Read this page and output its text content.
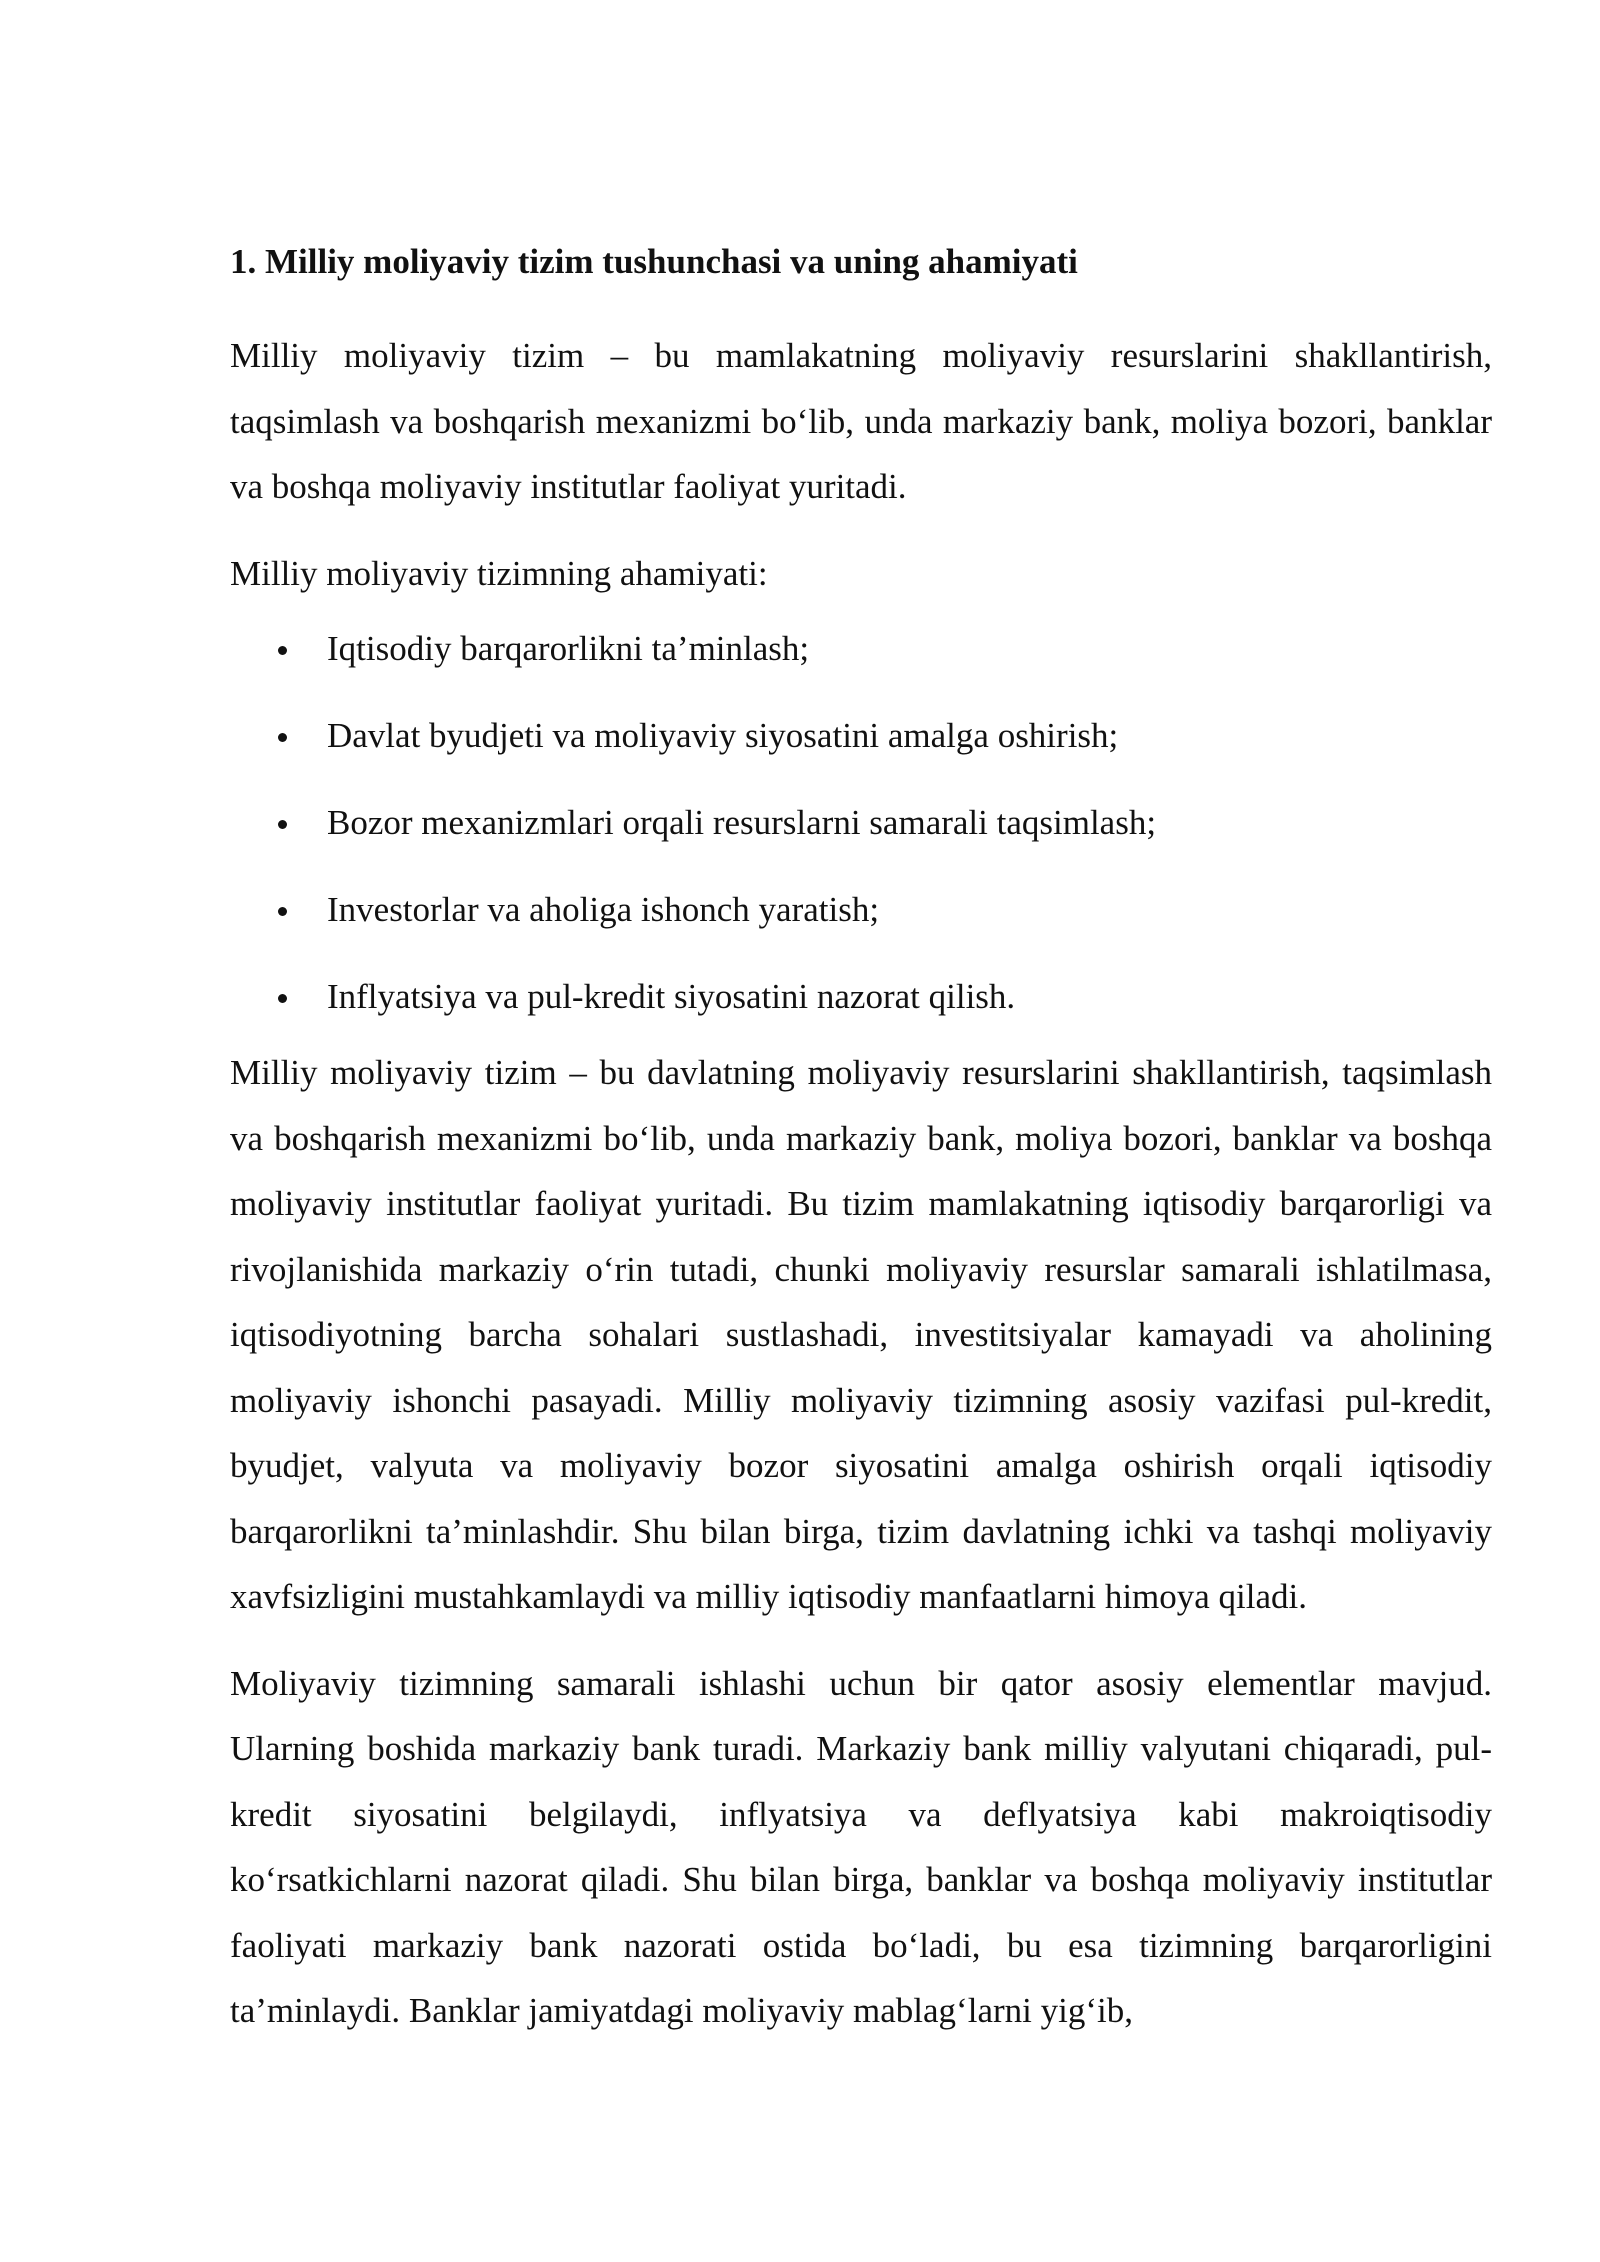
1. Milliy moliyaviy tizim tushunchasi va uning ahamiyati

Milliy moliyaviy tizim – bu mamlakatning moliyaviy resurslarini shakllantirish, taqsimlash va boshqarish mexanizmi bo‘lib, unda markaziy bank, moliya bozori, banklar va boshqa moliyaviy institutlar faoliyat yuritadi.

Milliy moliyaviy tizimning ahamiyati:

Iqtisodiy barqarorlikni ta’minlash;
Davlat byudjeti va moliyaviy siyosatini amalga oshirish;
Bozor mexanizmlari orqali resurslarni samarali taqsimlash;
Investorlar va aholiga ishonch yaratish;
Inflyatsiya va pul-kredit siyosatini nazorat qilish.

Milliy moliyaviy tizim – bu davlatning moliyaviy resurslarini shakllantirish, taqsimlash va boshqarish mexanizmi bo‘lib, unda markaziy bank, moliya bozori, banklar va boshqa moliyaviy institutlar faoliyat yuritadi. Bu tizim mamlakatning iqtisodiy barqarorligi va rivojlanishida markaziy o‘rin tutadi, chunki moliyaviy resurslar samarali ishlatilmasa, iqtisodiyotning barcha sohalari sustlashadi, investitsiyalar kamayadi va aholining moliyaviy ishonchi pasayadi. Milliy moliyaviy tizimning asosiy vazifasi pul-kredit, byudjet, valyuta va moliyaviy bozor siyosatini amalga oshirish orqali iqtisodiy barqarorlikni ta’minlashdir. Shu bilan birga, tizim davlatning ichki va tashqi moliyaviy xavfsizligini mustahkamlaydi va milliy iqtisodiy manfaatlarni himoya qiladi.

Moliyaviy tizimning samarali ishlashi uchun bir qator asosiy elementlar mavjud. Ularning boshida markaziy bank turadi. Markaziy bank milliy valyutani chiqaradi, pul-kredit siyosatini belgilaydi, inflyatsiya va deflyatsiya kabi makroiqtisodiy ko‘rsatkichlarni nazorat qiladi. Shu bilan birga, banklar va boshqa moliyaviy institutlar faoliyati markaziy bank nazorati ostida bo‘ladi, bu esa tizimning barqarorligini ta’minlaydi. Banklar jamiyatdagi moliyaviy mablag‘larni yig‘ib,
